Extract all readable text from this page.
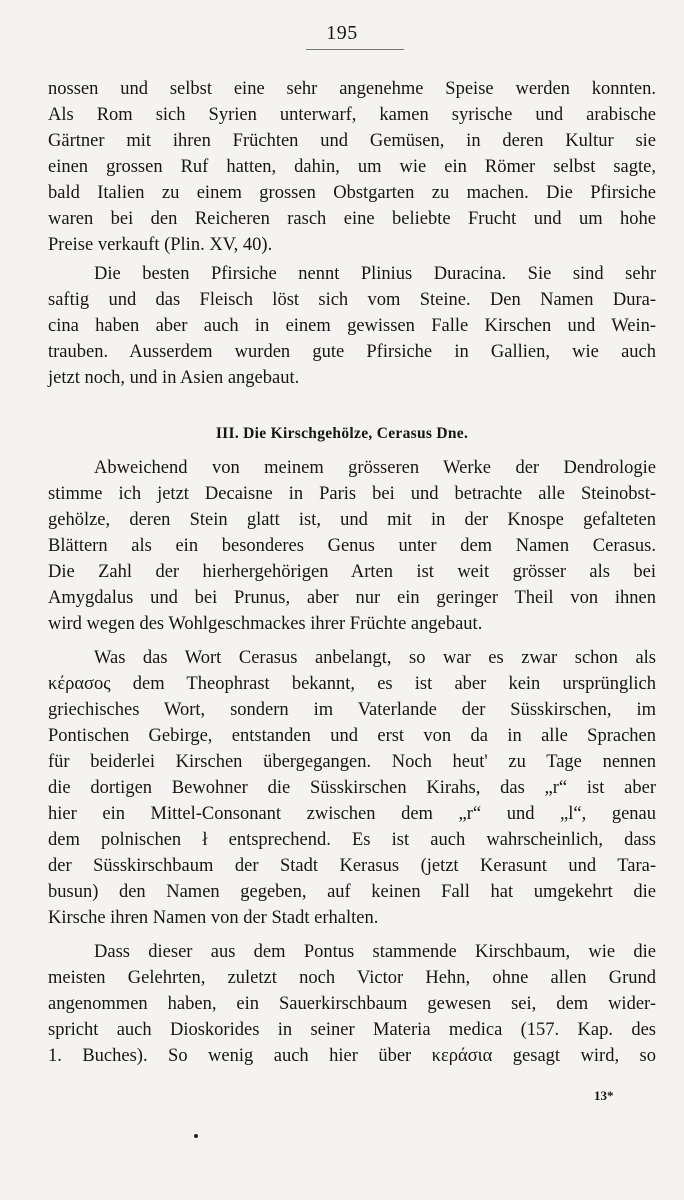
195
nossen und selbst eine sehr angenehme Speise werden konnten.
Als Rom sich Syrien unterwarf, kamen syrische und arabische
Gärtner mit ihren Früchten und Gemüsen, in deren Kultur sie
einen grossen Ruf hatten, dahin, um wie ein Römer selbst sagte,
bald Italien zu einem grossen Obstgarten zu machen. Die Pfirsiche
waren bei den Reicheren rasch eine beliebte Frucht und um hohe
Preise verkauft (Plin. XV, 40).
Die besten Pfirsiche nennt Plinius Duracina. Sie sind sehr
saftig und das Fleisch löst sich vom Steine. Den Namen Dura-
cina haben aber auch in einem gewissen Falle Kirschen und Wein-
trauben. Ausserdem wurden gute Pfirsiche in Gallien, wie auch
jetzt noch, und in Asien angebaut.
III. Die Kirschgehölze, Cerasus Dne.
Abweichend von meinem grösseren Werke der Dendrologie
stimme ich jetzt Decaisne in Paris bei und betrachte alle Steinobst-
gehölze, deren Stein glatt ist, und mit in der Knospe gefalteten
Blättern als ein besonderes Genus unter dem Namen Cerasus.
Die Zahl der hierhergehörigen Arten ist weit grösser als bei
Amygdalus und bei Prunus, aber nur ein geringer Theil von ihnen
wird wegen des Wohlgeschmackes ihrer Früchte angebaut.
Was das Wort Cerasus anbelangt, so war es zwar schon als
κέρασος dem Theophrast bekannt, es ist aber kein ursprünglich
griechisches Wort, sondern im Vaterlande der Süsskirschen, im
Pontischen Gebirge, entstanden und erst von da in alle Sprachen
für beiderlei Kirschen übergegangen. Noch heut' zu Tage nennen
die dortigen Bewohner die Süsskirschen Kirahs, das „r“ ist aber
hier ein Mittel-Consonant zwischen dem „r“ und „l“, genau
dem polnischen ł entsprechend. Es ist auch wahrscheinlich, dass
der Süsskirschbaum der Stadt Kerasus (jetzt Kerasunt und Tara-
busun) den Namen gegeben, auf keinen Fall hat umgekehrt die
Kirsche ihren Namen von der Stadt erhalten.
Dass dieser aus dem Pontus stammende Kirschbaum, wie die
meisten Gelehrten, zuletzt noch Victor Hehn, ohne allen Grund
angenommen haben, ein Sauerkirschbaum gewesen sei, dem wider-
spricht auch Dioskorides in seiner Materia medica (157. Kap. des
1. Buches). So wenig auch hier über κεράσια gesagt wird, so
13*
